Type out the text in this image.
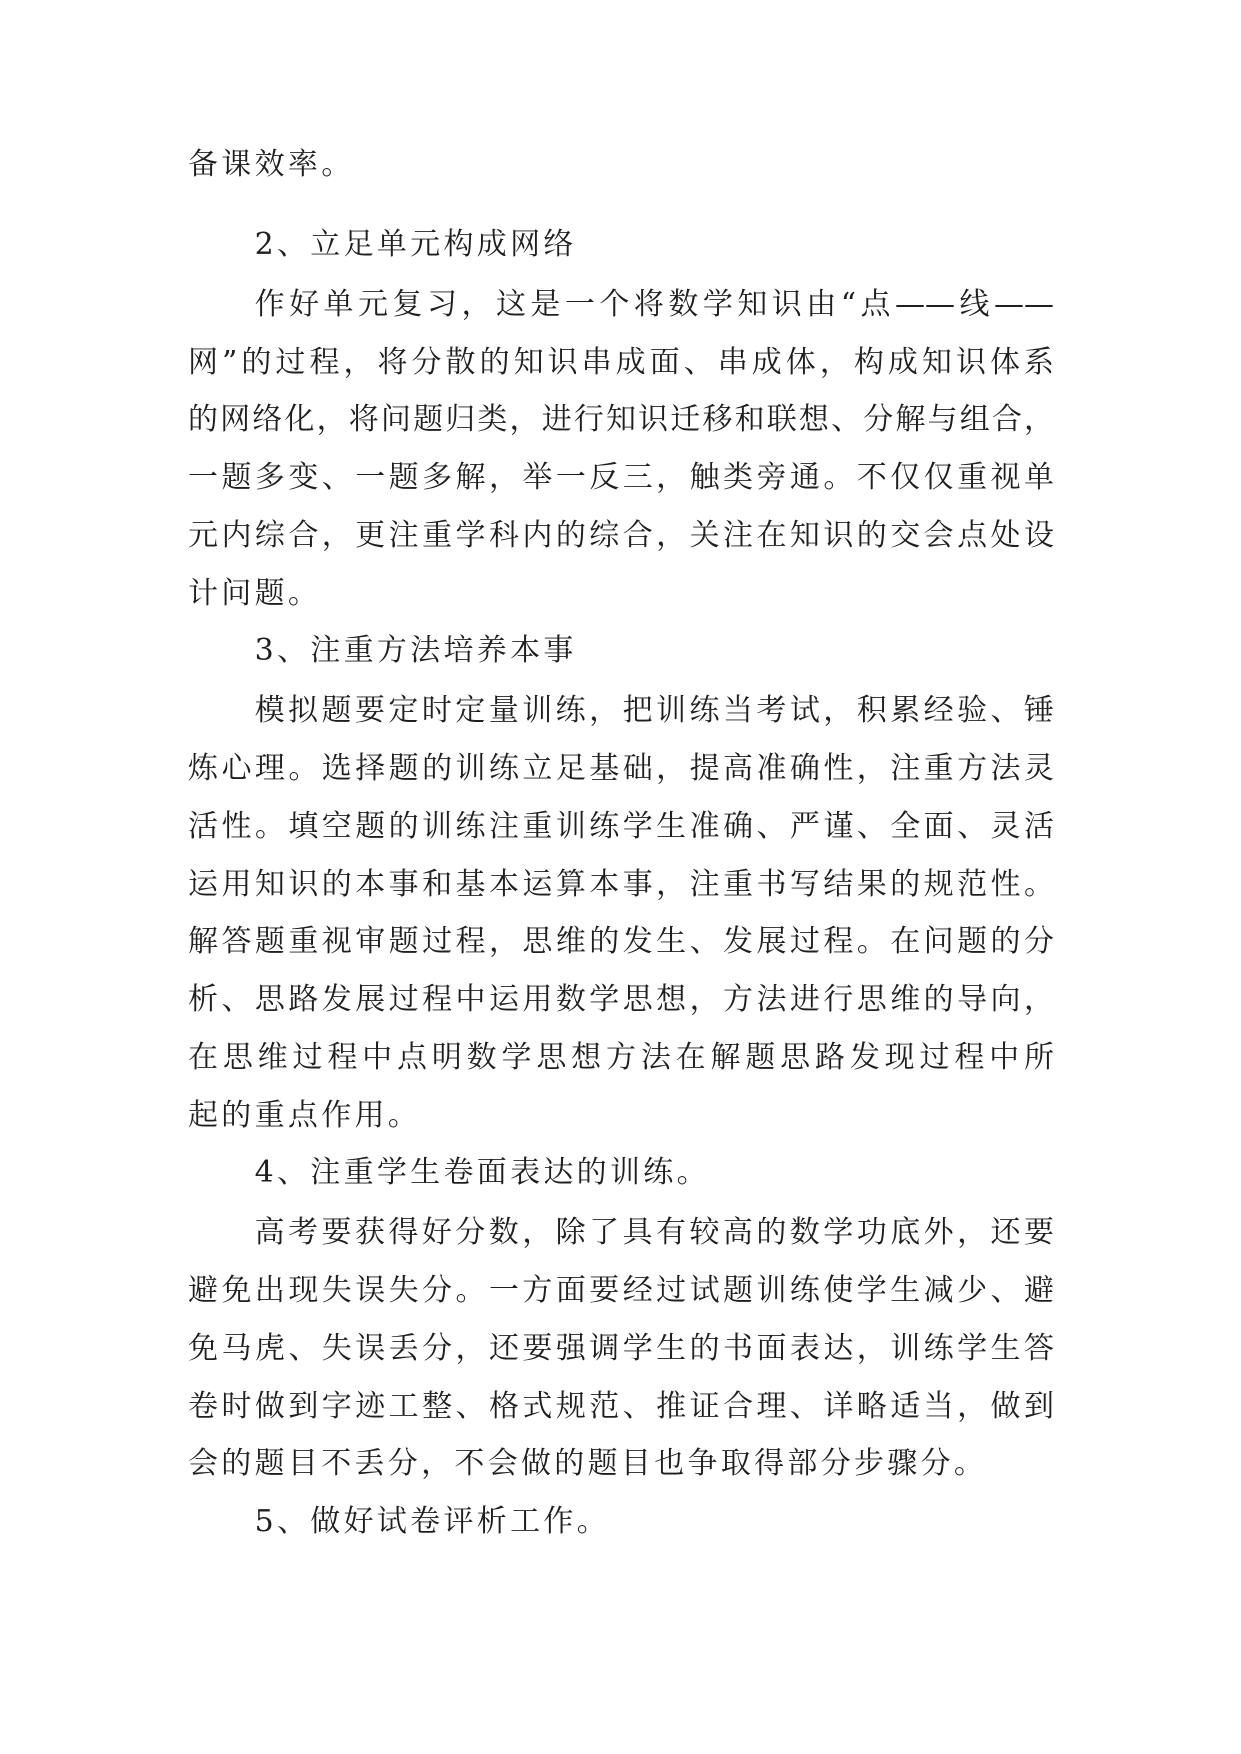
备课效率。
2、立足单元构成网络
作好单元复习，这是一个将数学知识由“点——线——
网”的过程，将分散的知识串成面、串成体，构成知识体系
的网络化，将问题归类，进行知识迁移和联想、分解与组合，
一题多变、一题多解，举一反三，触类旁通。不仅仅重视单
元内综合，更注重学科内的综合，关注在知识的交会点处设
计问题。
3、注重方法培养本事
模拟题要定时定量训练，把训练当考试，积累经验、锤
炼心理。选择题的训练立足基础，提高准确性，注重方法灵
活性。填空题的训练注重训练学生准确、严谨、全面、灵活
运用知识的本事和基本运算本事，注重书写结果的规范性。
解答题重视审题过程，思维的发生、发展过程。在问题的分
析、思路发展过程中运用数学思想，方法进行思维的导向，
在思维过程中点明数学思想方法在解题思路发现过程中所
起的重点作用。
4、注重学生卷面表达的训练。
高考要获得好分数，除了具有较高的数学功底外，还要
避免出现失误失分。一方面要经过试题训练使学生减少、避
免马虎、失误丢分，还要强调学生的书面表达，训练学生答
卷时做到字迹工整、格式规范、推证合理、详略适当，做到
会的题目不丢分，不会做的题目也争取得部分步骤分。
5、做好试卷评析工作。
